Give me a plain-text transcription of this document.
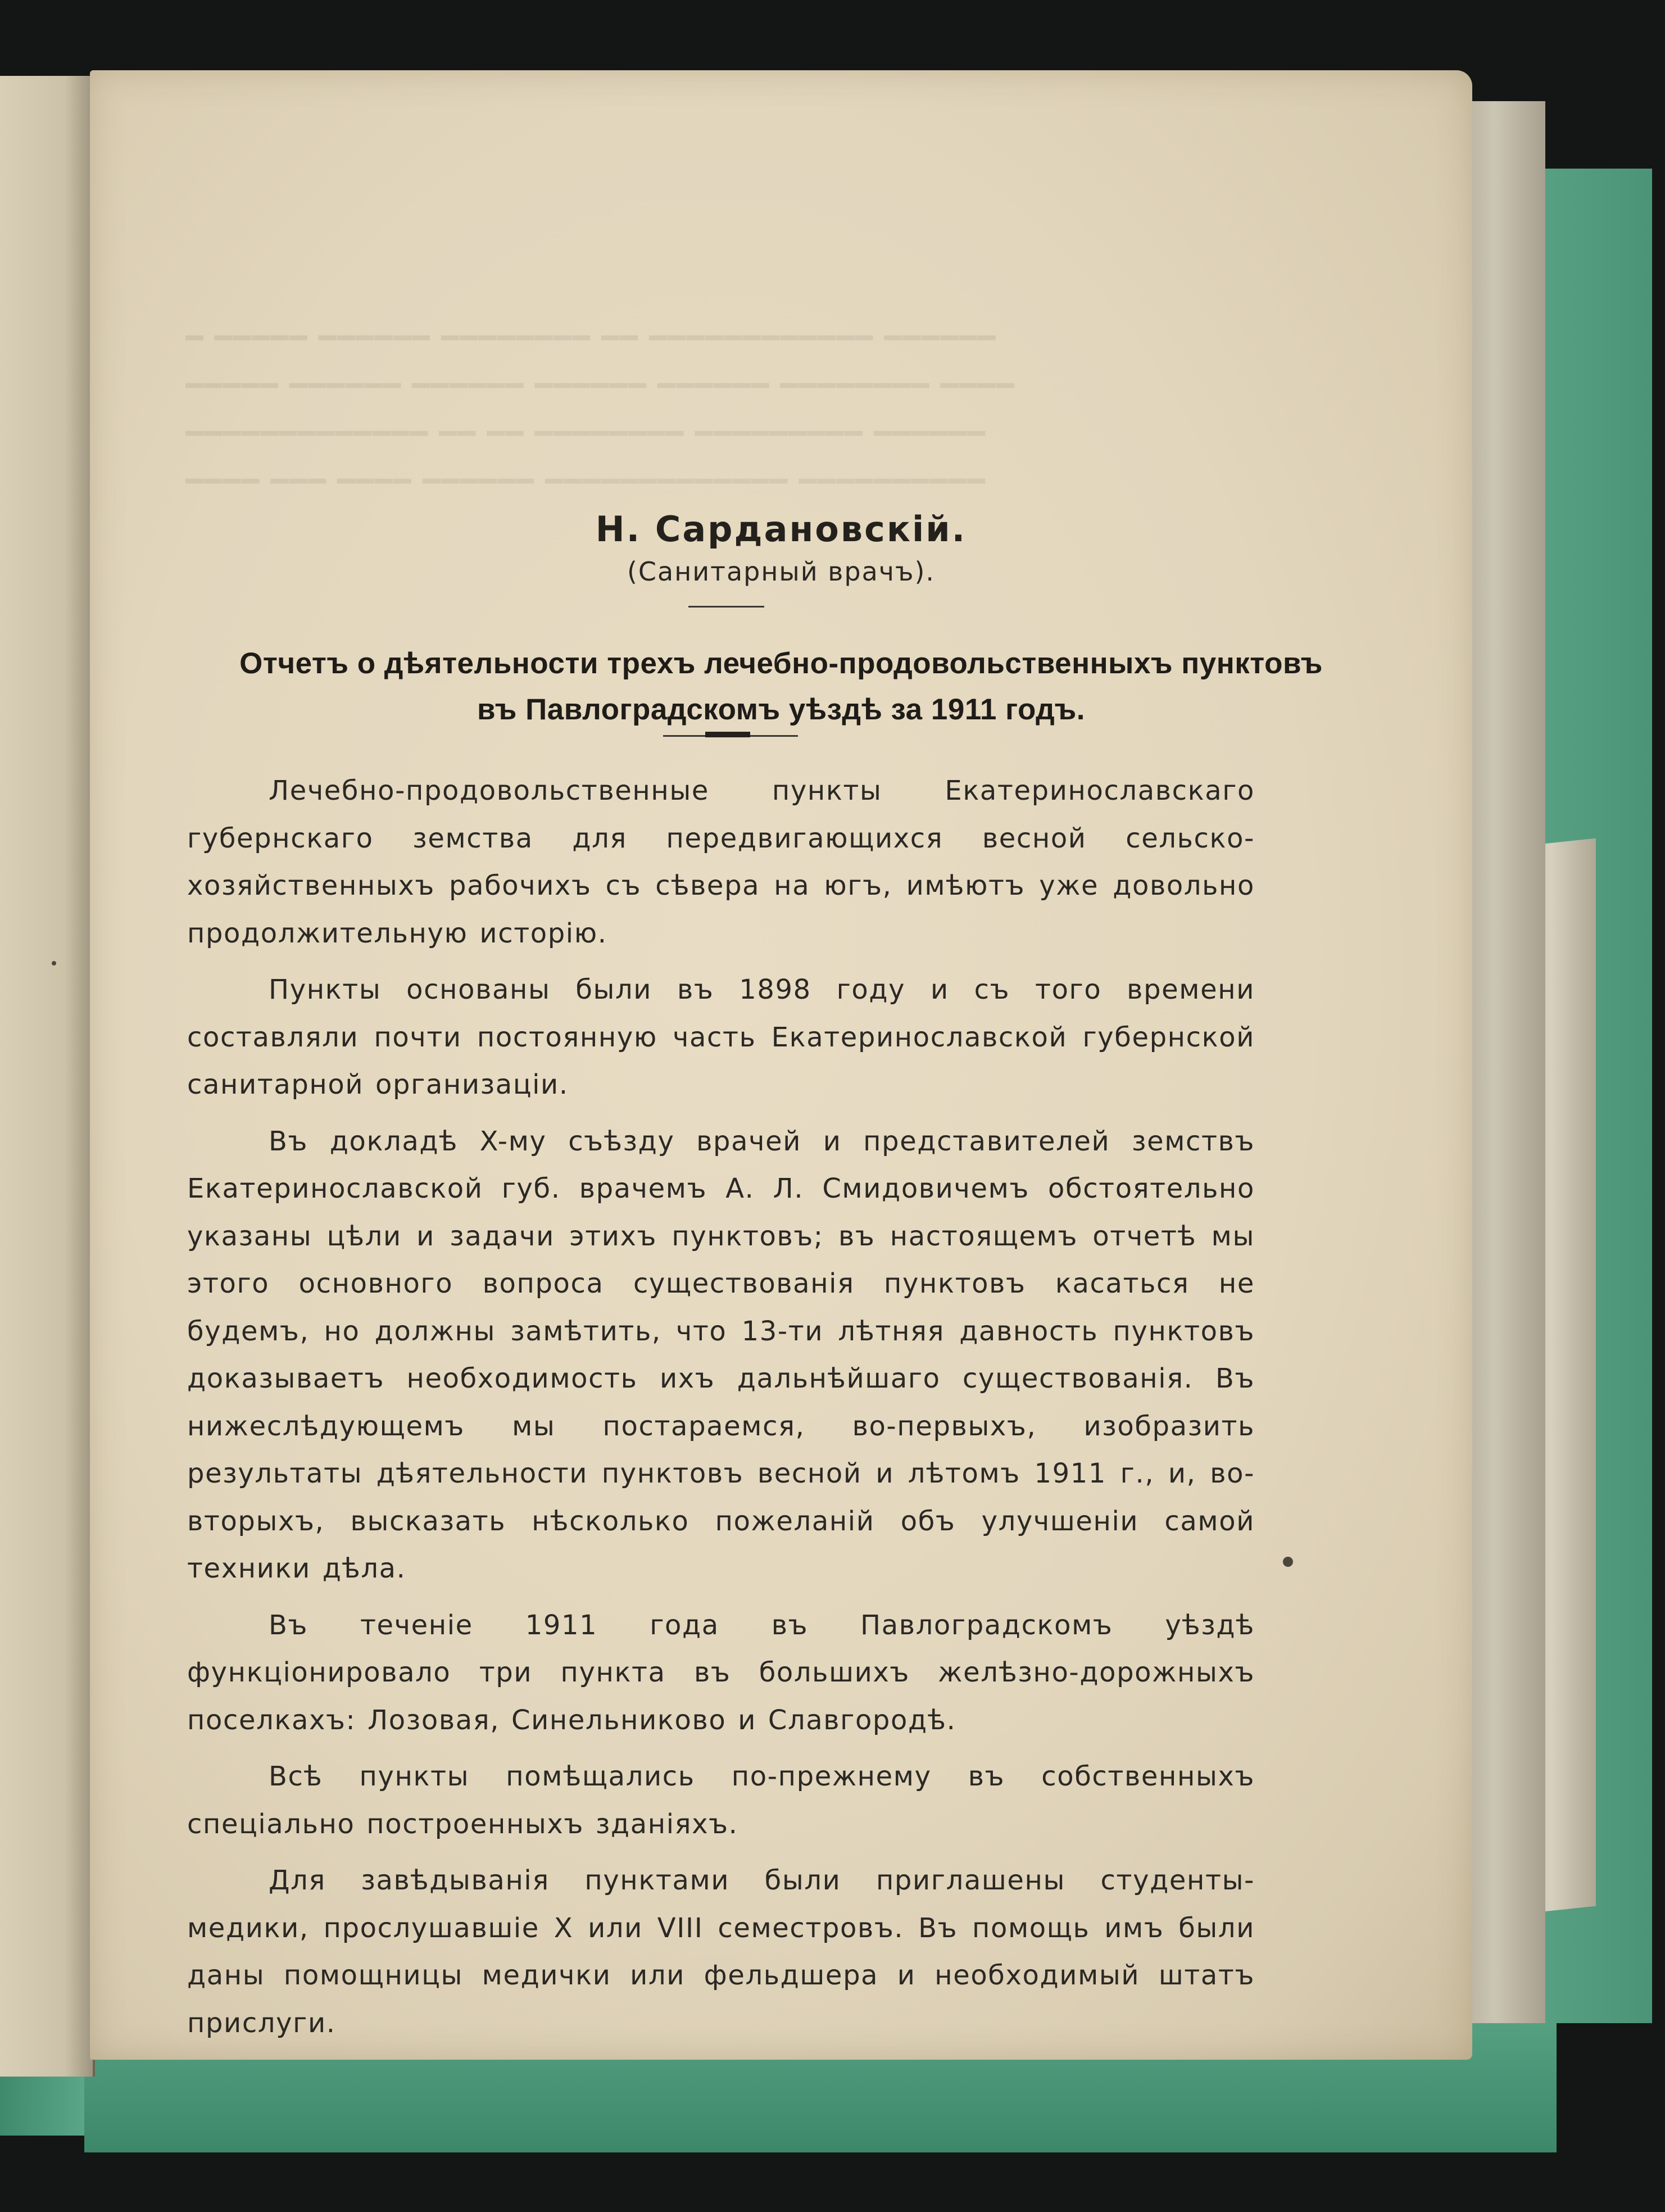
━ ━━━━━ ━━━━━━ ━━━━━━━━ ━━ ━━━━━━━━━━━━ ━━━━━━
━━━━━ ━━━━━━ ━━━━━━ ━━━━━━ ━━━━━━ ━━━━━━━━ ━━━━
━━━━━━━━━━━━━ ━━ ━━ ━━━━━━━━ ━━━━━━━━━ ━━━━━━
━━━━ ━━━ ━━━━ ━━━━━━ ━━━━━━━━━━━━━ ━━━━━━━━━━
Н. Сардановскій.
(Санитарный врачъ).
Отчетъ о дѣятельности трехъ лечебно-продовольственныхъ пунктовъ
въ Павлоградскомъ уѣздѣ за 1911 годъ.

Лечебно-продовольственные пункты Екатеринославскаго губернскаго земства для передвигающихся весной сельско-хозяйственныхъ рабочихъ съ сѣвера на югъ, имѣютъ уже довольно продолжительную исторію.

Пункты основаны были въ 1898 году и съ того времени составляли почти постоянную часть Екатеринославской губернской санитарной организаціи.

Въ докладѣ X-му съѣзду врачей и представителей земствъ Екатеринославской губ. врачемъ А. Л. Смидовичемъ обстоятельно указаны цѣли и задачи этихъ пунктовъ; въ настоящемъ отчетѣ мы этого основного вопроса существованія пунктовъ касаться не будемъ, но должны замѣтить, что 13-ти лѣтняя давность пунктовъ доказываетъ необходимость ихъ дальнѣйшаго существованія. Въ нижеслѣдующемъ мы постараемся, во-первыхъ, изобразить результаты дѣятельности пунктовъ весной и лѣтомъ 1911 г., и, во-вторыхъ, высказать нѣсколько пожеланій объ улучшеніи самой техники дѣла.

Въ теченіе 1911 года въ Павлоградскомъ уѣздѣ функціонировало три пункта въ большихъ желѣзно-дорожныхъ поселкахъ: Лозовая, Синельниково и Славгородѣ.

Всѣ пункты помѣщались по-прежнему въ собственныхъ спеціально построенныхъ зданіяхъ.

Для завѣдыванія пунктами были приглашены студенты-медики, прослушавшіе X или VIII семестровъ. Въ помощь имъ были даны помощницы медички или фельдшера и необходимый штатъ прислуги.
